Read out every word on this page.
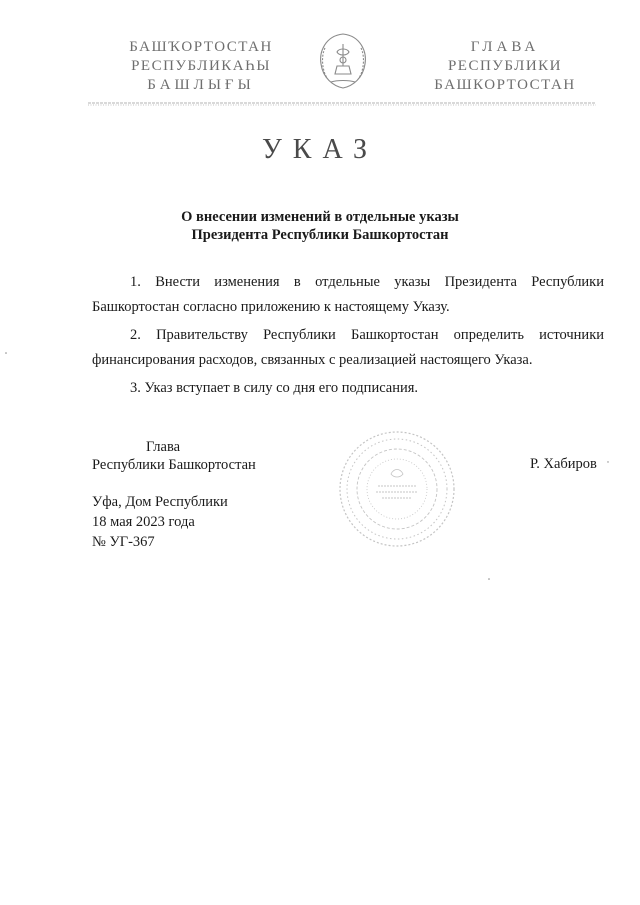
БАШҠОРТОСТАН
РЕСПУБЛИКАҺЫ
БАШЛЫҒЫ
ГЛАВА
РЕСПУБЛИКИ
БАШКОРТОСТАН
УКАЗ
О внесении изменений в отдельные указы
Президента Республики Башкортостан

1. Внести изменения в отдельные указы Президента Республики
Башкортостан согласно приложению к настоящему Указу.

2. Правительству Республики Башкортостан определить источники
финансирования расходов, связанных с реализацией настоящего Указа.

3. Указ вступает в силу со дня его подписания.

Глава
Республики Башкортостан	Р. Хабиров
Уфа, Дом Республики
18 мая 2023 года
№ УГ-367
